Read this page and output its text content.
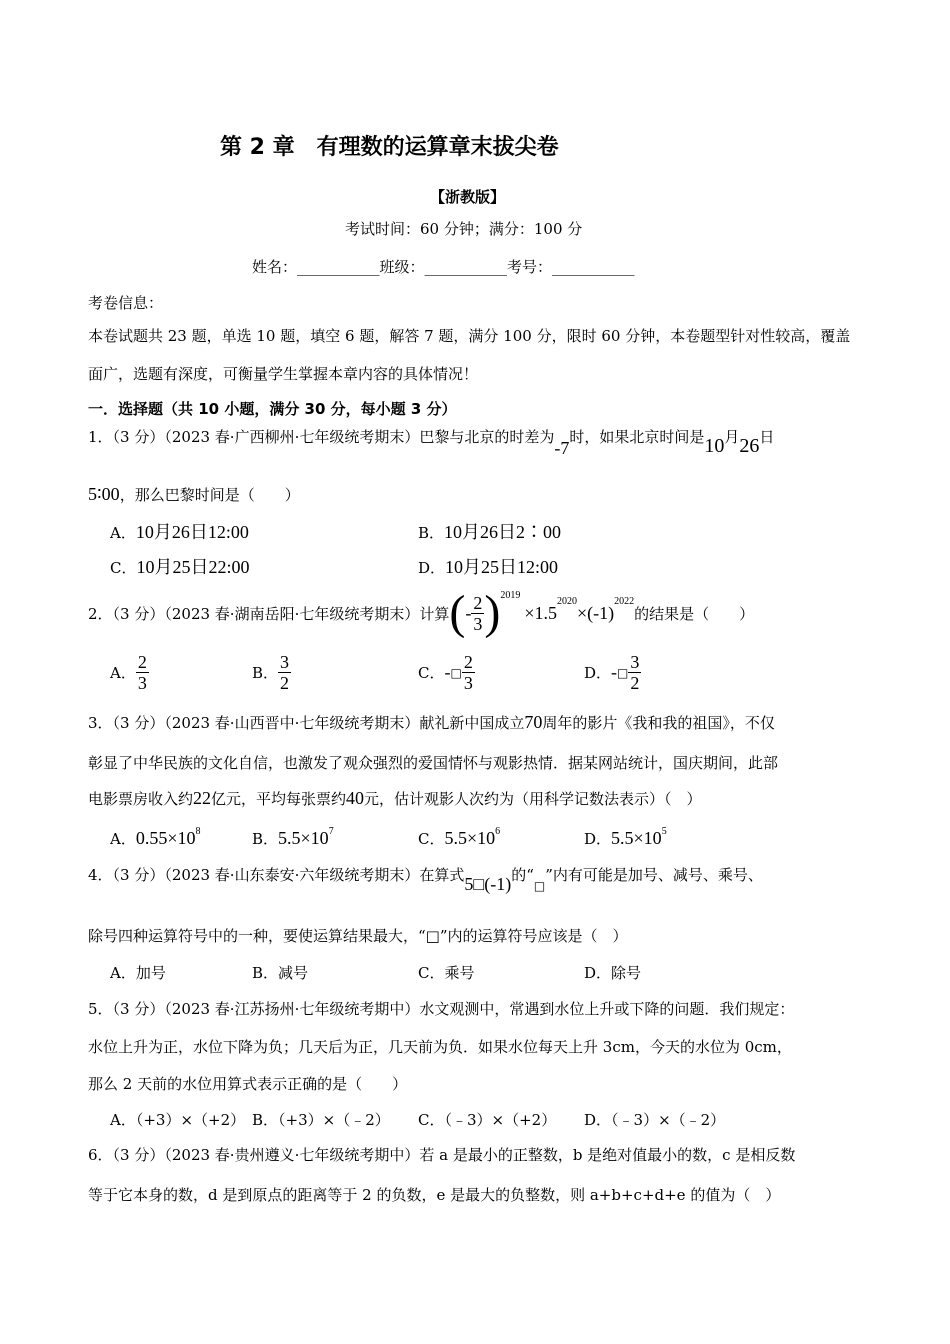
第 2 章　有理数的运算章末拔尖卷
【浙教版】
考试时间：60 分钟；满分：100 分
姓名：___________班级：___________考号：___________
考卷信息：
本卷试题共 23 题，单选 10 题，填空 6 题，解答 7 题，满分 100 分，限时 60 分钟，本卷题型针对性较高，覆盖
面广，选题有深度，可衡量学生掌握本章内容的具体情况！
一．选择题（共 10 小题，满分 30 分，每小题 3 分）
1．（3 分）（2023 春·广西柳州·七年级统考期末）巴黎与北京的时差为-7时，如果北京时间是10月26日
5∶00，那么巴黎时间是（　　）
A．10月26日12:00	B．10月26日2∶00
C．10月25日22:00	D．10月25日12:00
2．（3 分）（2023 春·湖南岳阳·七年级统考期末）计算 ( - $\frac{2}{3}$ ) 2019
×1.5
2020
× (-1)
2022
的结果是（　　）
A． $\frac{2}{3}$	B． $\frac{3}{2}$	C． - □ $\frac{2}{3}$	D． - □ $\frac{3}{2}$
3．（3 分）（2023 春·山西晋中·七年级统考期末）献礼新中国成立70周年的影片《我和我的祖国》，不仅
彰显了中华民族的文化自信，也激发了观众强烈的爱国情怀与观影热情．据某网站统计，国庆期间，此部
电影票房收入约22亿元，平均每张票约40元，估计观影人次约为（用科学记数法表示）（　）
A．$0.55\times 10^8$	B．$5.5\times 10^7$	C．$5.5\times 10^6$	D．$5.5\times 10^5$
4．（3 分）（2023 春·山东泰安·六年级统考期末）在算式5□(-1)的“$_□$”内有可能是加号、减号、乘号、
除号四种运算符号中的一种，要使运算结果最大，“□”内的运算符号应该是（　）
A．加号	B．减号	C．乘号	D．除号
5．（3 分）（2023 春·江苏扬州·七年级统考期中）水文观测中，常遇到水位上升或下降的问题．我们规定：
水位上升为正，水位下降为负；几天后为正，几天前为负．如果水位每天上升 3cm，今天的水位为 0cm，
那么 2 天前的水位用算式表示正确的是（　　）
A．（+3）×（+2） B．（+3）×（﹣2） C．（﹣3）×（+2） D．（﹣3）×（﹣2）
6．（3 分）（2023 春·贵州遵义·七年级统考期中）若 a 是最小的正整数，b 是绝对值最小的数，c 是相反数
等于它本身的数，d 是到原点的距离等于 2 的负数，e 是最大的负整数，则 a+b+c+d+e 的值为（　）
